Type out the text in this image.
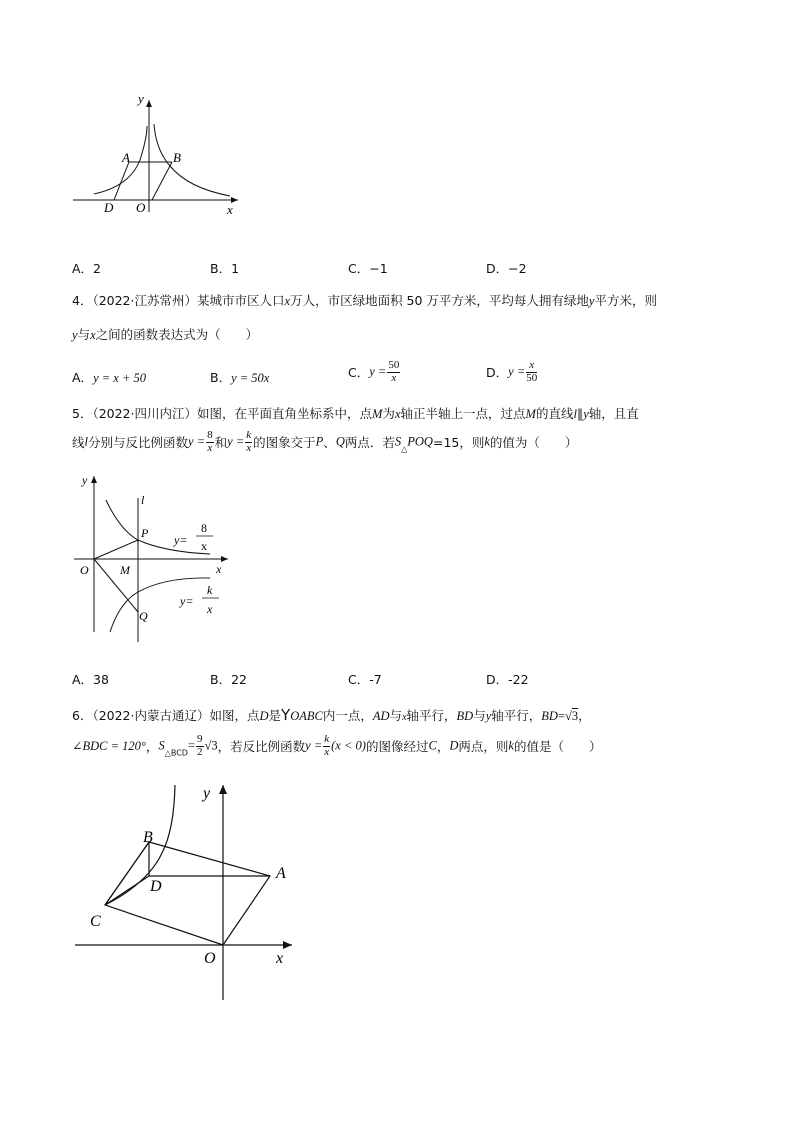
y
x
A	B
D O
A．2	B．1	C．−1	D．−2
4．（2022·江苏常州）某城市市区人口x万人，市区绿地面积 50 万平方米，平均每人拥有绿地y平方米，则
y与x之间的函数表达式为（　　）
A．y = x + 50	B．y = 50x	C．$y = \frac{50}{x}$	D．$y = \frac{x}{50}$
5．（2022·四川内江）如图，在平面直角坐标系中，点M为x轴正半轴上一点，过点M的直线l∥y轴，且直
线l分别与反比例函数$y = \frac{8}{x}$ 和$y = \frac{k}{x}$ 的图象交于P、Q两点．若$S_\triangle POQ=15$，则k的值为（　　）
y
x
l
P
O	M
Q
y=
8
x
y=
k
x
A．38	B．22	C．-7	D．-22
6．（2022·内蒙古通辽）如图，点D是YOABC内一点，AD与x轴平行，BD与y轴平行，BD=√3，
∠BDC = 120°，$S_{\triangle BCD}= \frac{9}{2} √3$，若反比例函数$y = \frac{k}{x} (x < 0)$的图像经过C，D两点，则k的值是（　　）
y
x
B
A
D
C
O
